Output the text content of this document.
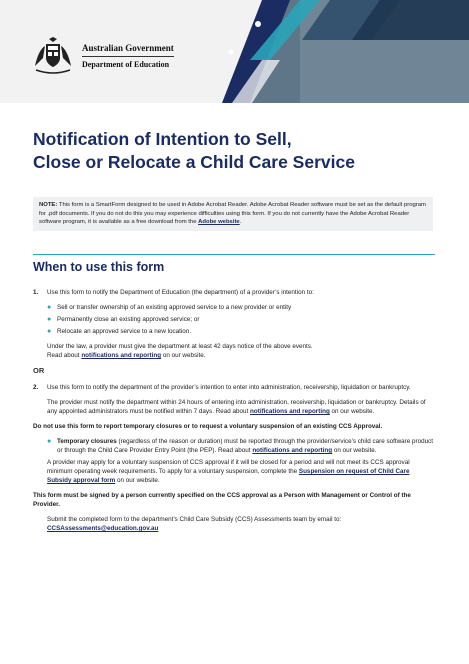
Australian Government
Department of Education
Notification of Intention to Sell,
Close or Relocate a Child Care Service
NOTE: This form is a SmartForm designed to be used in Adobe Acrobat Reader. Adobe Acrobat Reader software must be set as the default program for .pdf documents. If you do not do this you may experience difficulties using this form. If you do not currently have the Adobe Acrobat Reader software program, it is available as a free download from the Adobe website.
When to use this form
1.	Use this form to notify the Department of Education (the department) of a provider’s intention to:
● Sell or transfer ownership of an existing approved service to a new provider or entity
● Permanently close an existing approved service; or
● Relocate an approved service to a new location.
Under the law, a provider must give the department at least 42 days notice of the above events.
Read about notifications and reporting on our website.
OR
2.	Use this form to notify the department of the provider’s intention to enter into administration, receivership, liquidation or bankruptcy.
The provider must notify the department within 24 hours of entering into administration, receivership, liquidation or bankruptcy. Details of any appointed administrators must be notified within 7 days. Read about notifications and reporting on our website.
Do not use this form to report temporary closures or to request a voluntary suspension of an existing CCS Approval.
● Temporary closures (regardless of the reason or duration) must be reported through the provider/service’s child care software product or through the Child Care Provider Entry Point (the PEP). Read about notifications and reporting on our website.
A provider may apply for a voluntary suspension of CCS approval if it will be closed for a period and will not meet its CCS approval minimum operating week requirements. To apply for a voluntary suspension, complete the Suspension on request of Child Care Subsidy approval form on our website.
This form must be signed by a person currently specified on the CCS approval as a Person with Management or Control of the Provider.
Submit the completed form to the department’s Child Care Subsidy (CCS) Assessments team by email to:
CCSAssessments@education.gov.au
